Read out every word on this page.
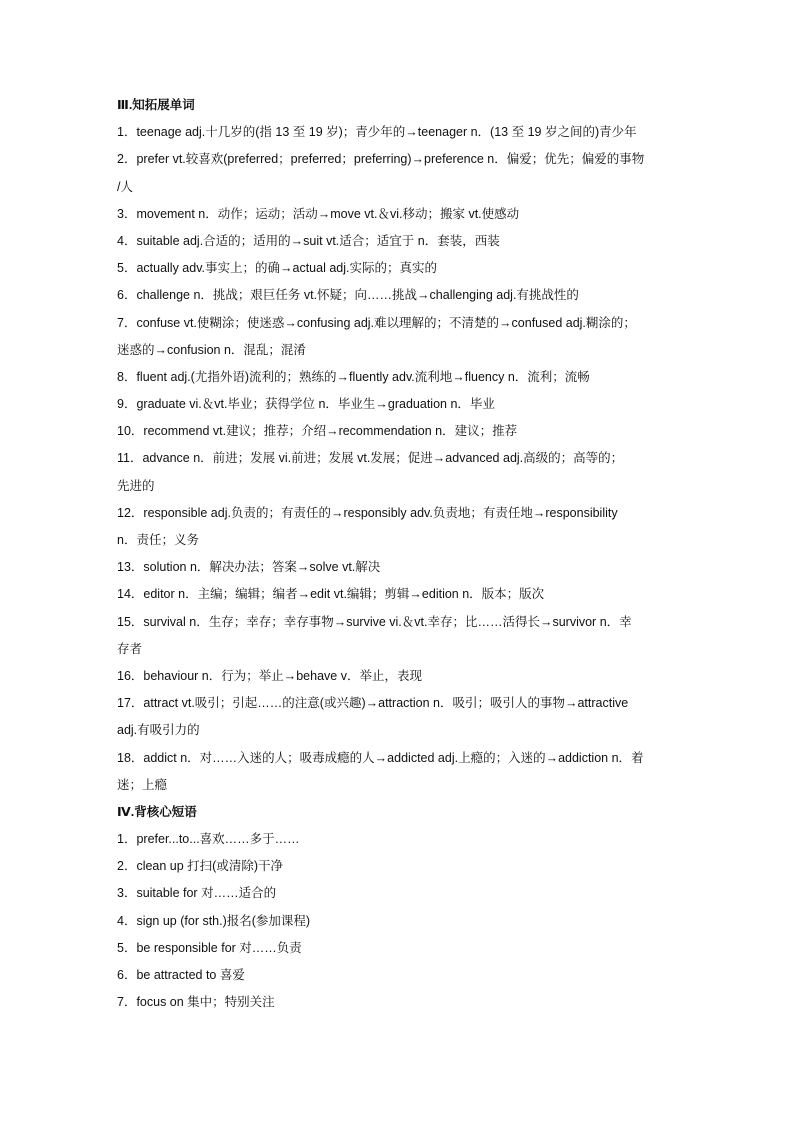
Ⅲ.知拓展单词
1．teenage adj.十几岁的(指 13 至 19 岁)；青少年的→teenager n．(13 至 19 岁之间的)青少年
2．prefer vt.较喜欢(preferred；preferred；preferring)→preference n．偏爱；优先；偏爱的事物
/人
3．movement n．动作；运动；活动→move vt.＆vi.移动；搬家 vt.使感动
4．suitable adj.合适的；适用的→suit vt.适合；适宜于 n．套装，西装
5．actually adv.事实上；的确→actual adj.实际的；真实的
6．challenge n．挑战；艰巨任务 vt.怀疑；向……挑战→challenging adj.有挑战性的
7．confuse vt.使糊涂；使迷惑→confusing adj.难以理解的；不清楚的→confused adj.糊涂的；
迷惑的→confusion n．混乱；混淆
8．fluent adj.(尤指外语)流利的；熟练的→fluently adv.流利地→fluency n．流利；流畅
9．graduate vi.＆vt.毕业；获得学位 n．毕业生→graduation n．毕业
10．recommend vt.建议；推荐；介绍→recommendation n．建议；推荐
11．advance n．前进；发展 vi.前进；发展 vt.发展；促进→advanced adj.高级的；高等的；
先进的
12．responsible adj.负责的；有责任的→responsibly adv.负责地；有责任地→responsibility
n．责任；义务
13．solution n．解决办法；答案→solve vt.解决
14．editor n．主编；编辑；编者→edit vt.编辑；剪辑→edition n．版本；版次
15．survival n．生存；幸存；幸存事物→survive vi.＆vt.幸存；比……活得长→survivor n．幸
存者
16．behaviour n．行为；举止→behave v．举止，表现
17．attract vt.吸引；引起……的注意(或兴趣)→attraction n．吸引；吸引人的事物→attractive
adj.有吸引力的
18．addict n．对……入迷的人；吸毒成瘾的人→addicted adj.上瘾的；入迷的→addiction n．着
迷；上瘾
Ⅳ.背核心短语
1．prefer...to...喜欢……多于……
2．clean up 打扫(或清除)干净
3．suitable for 对……适合的
4．sign up (for sth.)报名(参加课程)
5．be responsible for 对……负责
6．be attracted to 喜爱
7．focus on 集中；特别关注
